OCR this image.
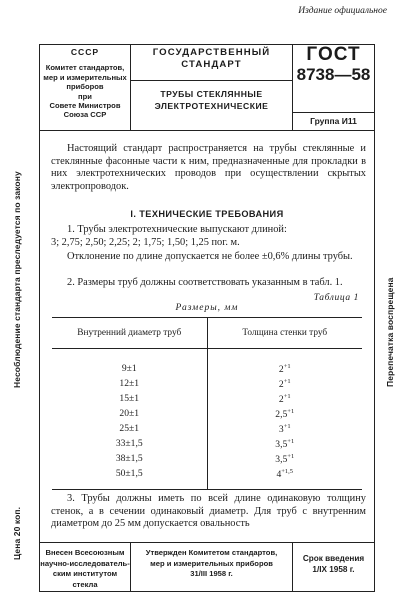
Издание официальное
СССР
Комитет стандартов,
мер и измерительных
приборов
при
Совете Министров
Союза ССР
ГОСУДАРСТВЕННЫЙ
СТАНДАРТ
ТРУБЫ СТЕКЛЯННЫЕ
ЭЛЕКТРОТЕХНИЧЕСКИЕ
ГОСТ
8738—58
Группа И11
Несоблюдение стандарта преследуется по закону
Цена 20 коп.
Перепечатка воспрещена
Настоящий стандарт распространяется на трубы стеклянные и стеклянные фасонные части к ним, предназначенные для прокладки в них электротехнических проводов при осуществлении скрытых электропроводок.
I. ТЕХНИЧЕСКИЕ ТРЕБОВАНИЯ
1. Трубы электротехнические выпускают длиной:
3; 2,75; 2,50; 2,25; 2; 1,75; 1,50; 1,25 пог. м.
Отклонение по длине допускается не более ±0,6% длины трубы.
2. Размеры труб должны соответствовать указанным в табл. 1.
Таблица 1
Размеры, мм
Внутренний диаметр труб	Толщина стенки труб
9±1
12±1
15±1
20±1
25±1
33±1,5
38±1,5
50±1,5
$2^{+1}$
$2^{+1}$
$2^{+1}$
$2,5^{+1}$
$3^{+1}$
$3,5^{+1}$
$3,5^{+1}$
$4^{+1,5}$
3. Трубы должны иметь по всей длине одинаковую толщину стенок, а в сечении одинаковый диаметр. Для труб с внутренним диаметром до 25 мм допускается овальность
Внесен Всесоюзным
научно-исследователь-
ским институтом стекла
Утвержден Комитетом стандартов,
мер и измерительных приборов
31/III 1958 г.
Срок введения
1/IX 1958 г.
